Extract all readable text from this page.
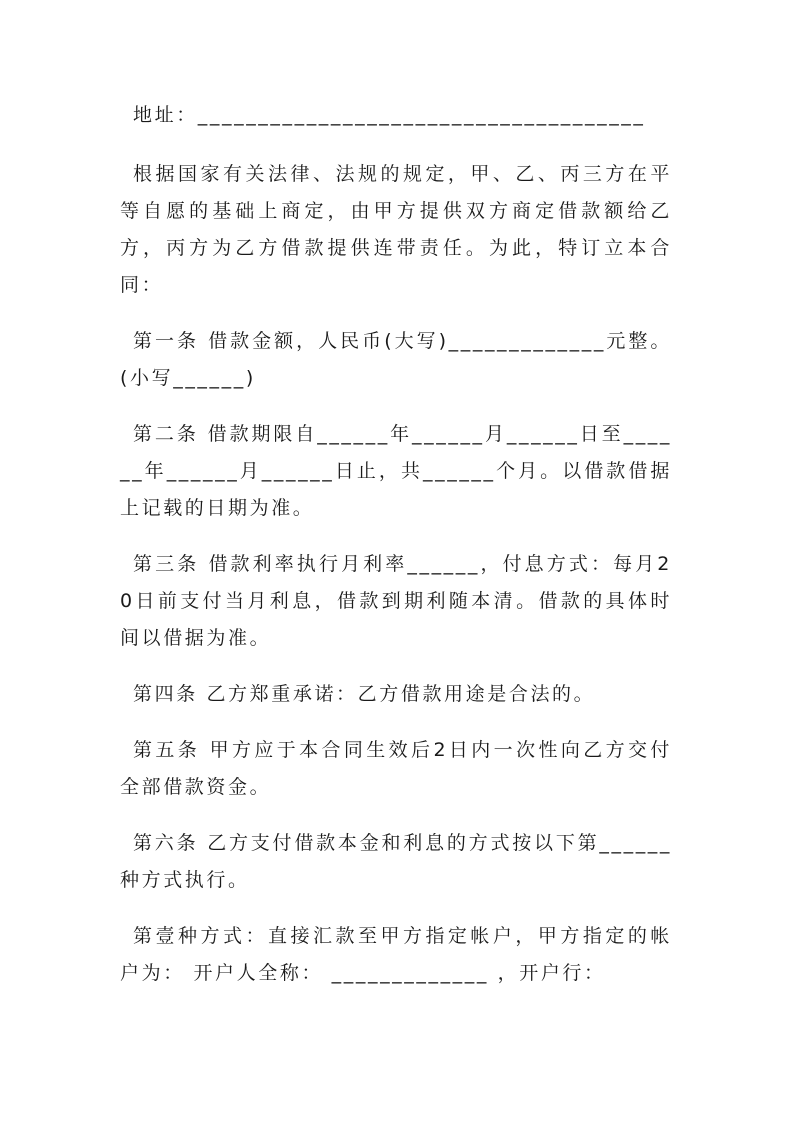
地址：_____________________________________

根据国家有关法律、法规的规定，甲、乙、丙三方在平等自愿的基础上商定，由甲方提供双方商定借款额给乙方，丙方为乙方借款提供连带责任。为此，特订立本合同：

第一条 借款金额，人民币(大写)_____________元整。(小写______)

第二条 借款期限自______年______月______日至______年______月______日止，共______个月。以借款借据上记载的日期为准。

第三条 借款利率执行月利率______，付息方式：每月20日前支付当月利息，借款到期利随本清。借款的具体时间以借据为准。

第四条 乙方郑重承诺：乙方借款用途是合法的。

第五条 甲方应于本合同生效后2日内一次性向乙方交付全部借款资金。

第六条 乙方支付借款本金和利息的方式按以下第______种方式执行。

第壹种方式：直接汇款至甲方指定帐户，甲方指定的帐户为： 开户人全称： _____________ ，开户行：
